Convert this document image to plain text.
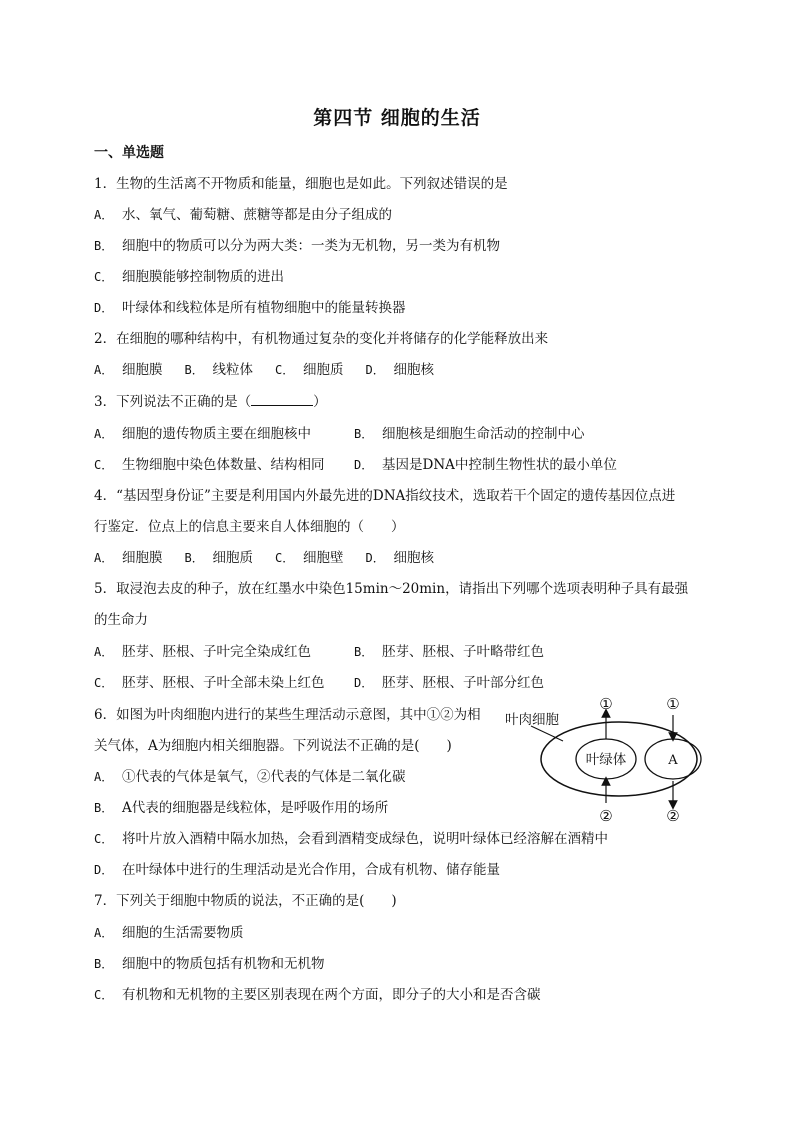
第四节 细胞的生活
一、单选题
1．生物的生活离不开物质和能量，细胞也是如此。下列叙述错误的是
A． 水、氧气、葡萄糖、蔗糖等都是由分子组成的
B． 细胞中的物质可以分为两大类：一类为无机物，另一类为有机物
C． 细胞膜能够控制物质的进出
D． 叶绿体和线粒体是所有植物细胞中的能量转换器
2．在细胞的哪种结构中，有机物通过复杂的变化并将储存的化学能释放出来
A． 细胞膜 B． 线粒体 C． 细胞质 D． 细胞核
3．下列说法不正确的是（	）
A． 细胞的遗传物质主要在细胞核中	B． 细胞核是细胞生命活动的控制中心
C． 生物细胞中染色体数量、结构相同 D． 基因是DNA中控制生物性状的最小单位
4．“基因型身份证”主要是利用国内外最先进的DNA指纹技术，选取若干个固定的遗传基因位点进
行鉴定．位点上的信息主要来自人体细胞的（　　）
A． 细胞膜 B． 细胞质 C． 细胞壁 D． 细胞核
5．取浸泡去皮的种子，放在红墨水中染色15min～20min，请指出下列哪个选项表明种子具有最强
的生命力
A． 胚芽、胚根、子叶完全染成红色	B． 胚芽、胚根、子叶略带红色
C． 胚芽、胚根、子叶全部未染上红色 D． 胚芽、胚根、子叶部分红色
6．如图为叶肉细胞内进行的某些生理活动示意图，其中①②为相
关气体，A为细胞内相关细胞器。下列说法不正确的是(　　)
A． ①代表的气体是氧气，②代表的气体是二氧化碳
B． A代表的细胞器是线粒体，是呼吸作用的场所
C． 将叶片放入酒精中隔水加热，会看到酒精变成绿色，说明叶绿体已经溶解在酒精中
D． 在叶绿体中进行的生理活动是光合作用，合成有机物、储存能量
叶肉细胞
叶绿体	A
①
②
①
②
7．下列关于细胞中物质的说法，不正确的是(　　)
A． 细胞的生活需要物质
B． 细胞中的物质包括有机物和无机物
C． 有机物和无机物的主要区别表现在两个方面，即分子的大小和是否含碳
